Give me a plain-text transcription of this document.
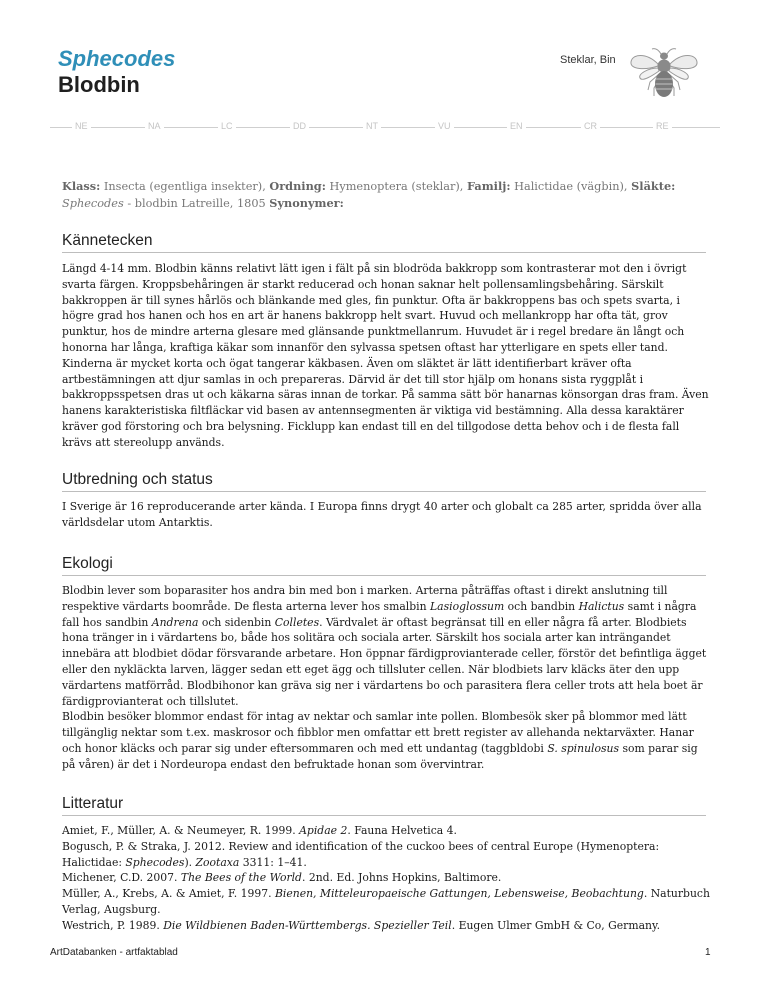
Sphecodes
Blodbin
Steklar, Bin
NE	NA	LC	DD	NT	VU	EN	CR	RE
Klass: Insecta (egentliga insekter), Ordning: Hymenoptera (steklar), Familj: Halictidae (vägbin), Släkte: Sphecodes - blodbin Latreille, 1805 Synonymer:
Kännetecken

Längd 4-14 mm. Blodbin känns relativt lätt igen i fält på sin blodröda bakkropp som kontrasterar mot den i övrigt svarta färgen. Kroppsbehåringen är starkt reducerad och honan saknar helt pollensamlingsbehåring. Särskilt bakkroppen är till synes hårlös och blänkande med gles, fin punktur. Ofta är bakkroppens bas och spets svarta, i högre grad hos hanen och hos en art är hanens bakkropp helt svart. Huvud och mellankropp har ofta tät, grov punktur, hos de mindre arterna glesare med glänsande punktmellanrum. Huvudet är i regel bredare än långt och honorna har långa, kraftiga käkar som innanför den sylvassa spetsen oftast har ytterligare en spets eller tand. Kinderna är mycket korta och ögat tangerar käkbasen. Även om släktet är lätt identifierbart kräver ofta artbestämningen att djur samlas in och prepareras. Därvid är det till stor hjälp om honans sista ryggplåt i bakkroppsspetsen dras ut och käkarna säras innan de torkar. På samma sätt bör hanarnas könsorgan dras fram. Även hanens karakteristiska filtfläckar vid basen av antennsegmenten är viktiga vid bestämning. Alla dessa karaktärer kräver god förstoring och bra belysning. Ficklupp kan endast till en del tillgodose detta behov och i de flesta fall krävs att stereolupp används.

Utbredning och status

I Sverige är 16 reproducerande arter kända. I Europa finns drygt 40 arter och globalt ca 285 arter, spridda över alla världsdelar utom Antarktis.

Ekologi

Blodbin lever som boparasiter hos andra bin med bon i marken. Arterna påträffas oftast i direkt anslutning till respektive värdarts boområde. De flesta arterna lever hos smalbin Lasioglossum och bandbin Halictus samt i några fall hos sandbin Andrena och sidenbin Colletes. Värdvalet är oftast begränsat till en eller några få arter. Blodbiets hona tränger in i värdartens bo, både hos solitära och sociala arter. Särskilt hos sociala arter kan inträngandet innebära att blodbiet dödar försvarande arbetare. Hon öppnar färdigprovianterade celler, förstör det befintliga ägget eller den nykläckta larven, lägger sedan ett eget ägg och tillsluter cellen. När blodbiets larv kläcks äter den upp värdartens matförråd. Blodbihonor kan gräva sig ner i värdartens bo och parasitera flera celler trots att hela boet är färdigprovianterat och tillslutet.

Blodbin besöker blommor endast för intag av nektar och samlar inte pollen. Blombesök sker på blommor med lätt tillgänglig nektar som t.ex. maskrosor och fibblor men omfattar ett brett register av allehanda nektarväxter. Hanar och honor kläcks och parar sig under eftersommaren och med ett undantag (taggbldobi S. spinulosus som parar sig på våren) är det i Nordeuropa endast den befruktade honan som övervintrar.

Litteratur

Amiet, F., Müller, A. & Neumeyer, R. 1999. Apidae 2. Fauna Helvetica 4.

Bogusch, P. & Straka, J. 2012. Review and identification of the cuckoo bees of central Europe (Hymenoptera: Halictidae: Sphecodes). Zootaxa 3311: 1–41.

Michener, C.D. 2007. The Bees of the World. 2nd. Ed. Johns Hopkins, Baltimore.

Müller, A., Krebs, A. & Amiet, F. 1997. Bienen, Mitteleuropaeische Gattungen, Lebensweise, Beobachtung. Naturbuch Verlag, Augsburg.

Westrich, P. 1989. Die Wildbienen Baden-Württembergs. Spezieller Teil. Eugen Ulmer GmbH & Co, Germany.

ArtDatabanken - artfaktablad	1
